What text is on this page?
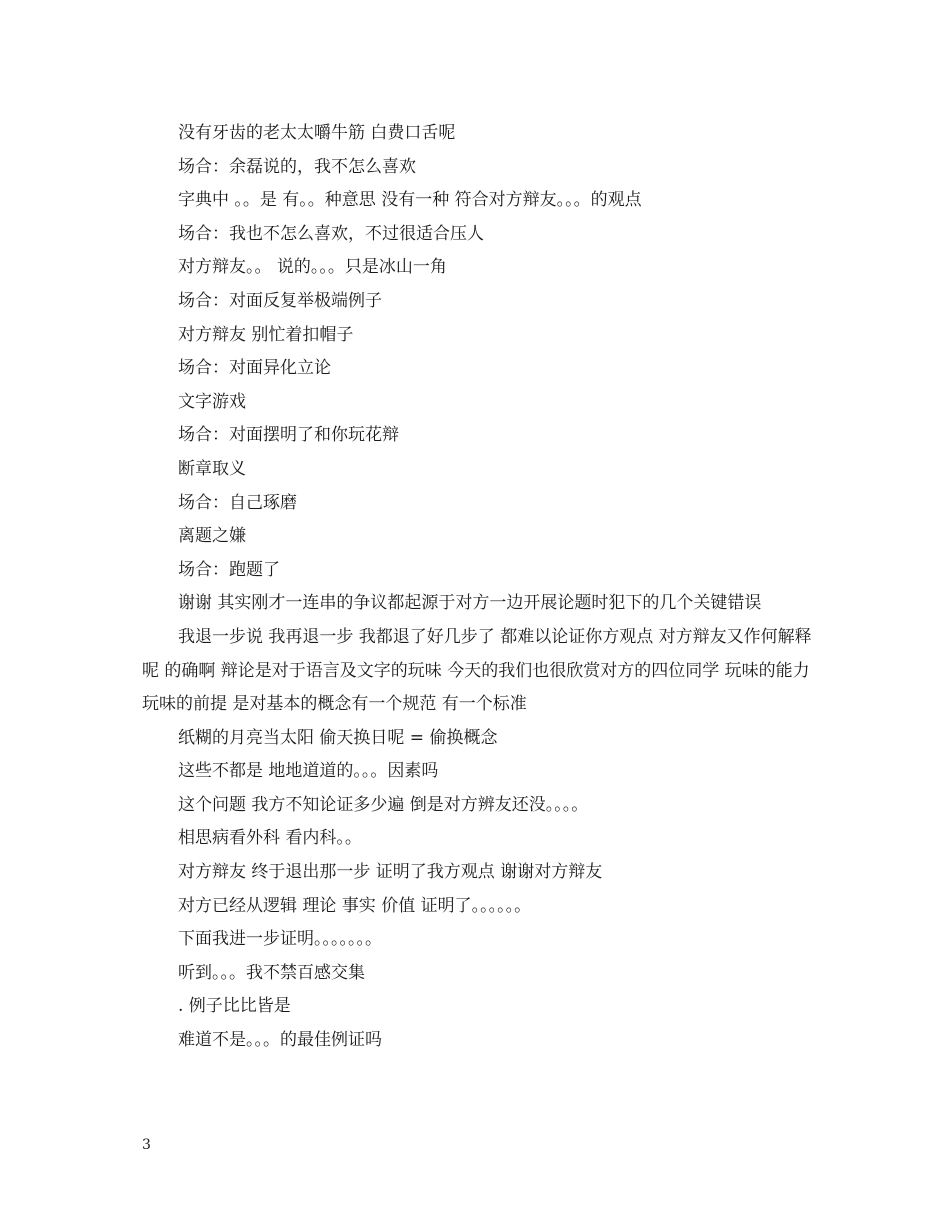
没有牙齿的老太太嚼牛筋 白费口舌呢

场合：余磊说的，我不怎么喜欢

字典中 。。是 有。。种意思 没有一种 符合对方辩友。。。的观点

场合：我也不怎么喜欢，不过很适合压人

对方辩友。。 说的。。。只是冰山一角

场合：对面反复举极端例子

对方辩友 别忙着扣帽子

场合：对面异化立论

文字游戏

场合：对面摆明了和你玩花辩

断章取义

场合：自己琢磨

离题之嫌

场合：跑题了

谢谢 其实刚才一连串的争议都起源于对方一边开展论题时犯下的几个关键错误

我退一步说 我再退一步 我都退了好几步了 都难以论证你方观点 对方辩友又作何解释呢 的确啊 辩论是对于语言及文字的玩味 今天的我们也很欣赏对方的四位同学 玩味的能力 玩味的前提 是对基本的概念有一个规范 有一个标准

纸糊的月亮当太阳 偷天换日呢 = 偷换概念

这些不都是 地地道道的。。。因素吗

这个问题 我方不知论证多少遍 倒是对方辨友还没。。。。

相思病看外科 看内科。。

对方辩友 终于退出那一步 证明了我方观点 谢谢对方辩友

对方已经从逻辑 理论 事实 价值 证明了。。。。。。

下面我进一步证明。。。。。。。

听到。。。我不禁百感交集

. 例子比比皆是

难道不是。。。的最佳例证吗

3
